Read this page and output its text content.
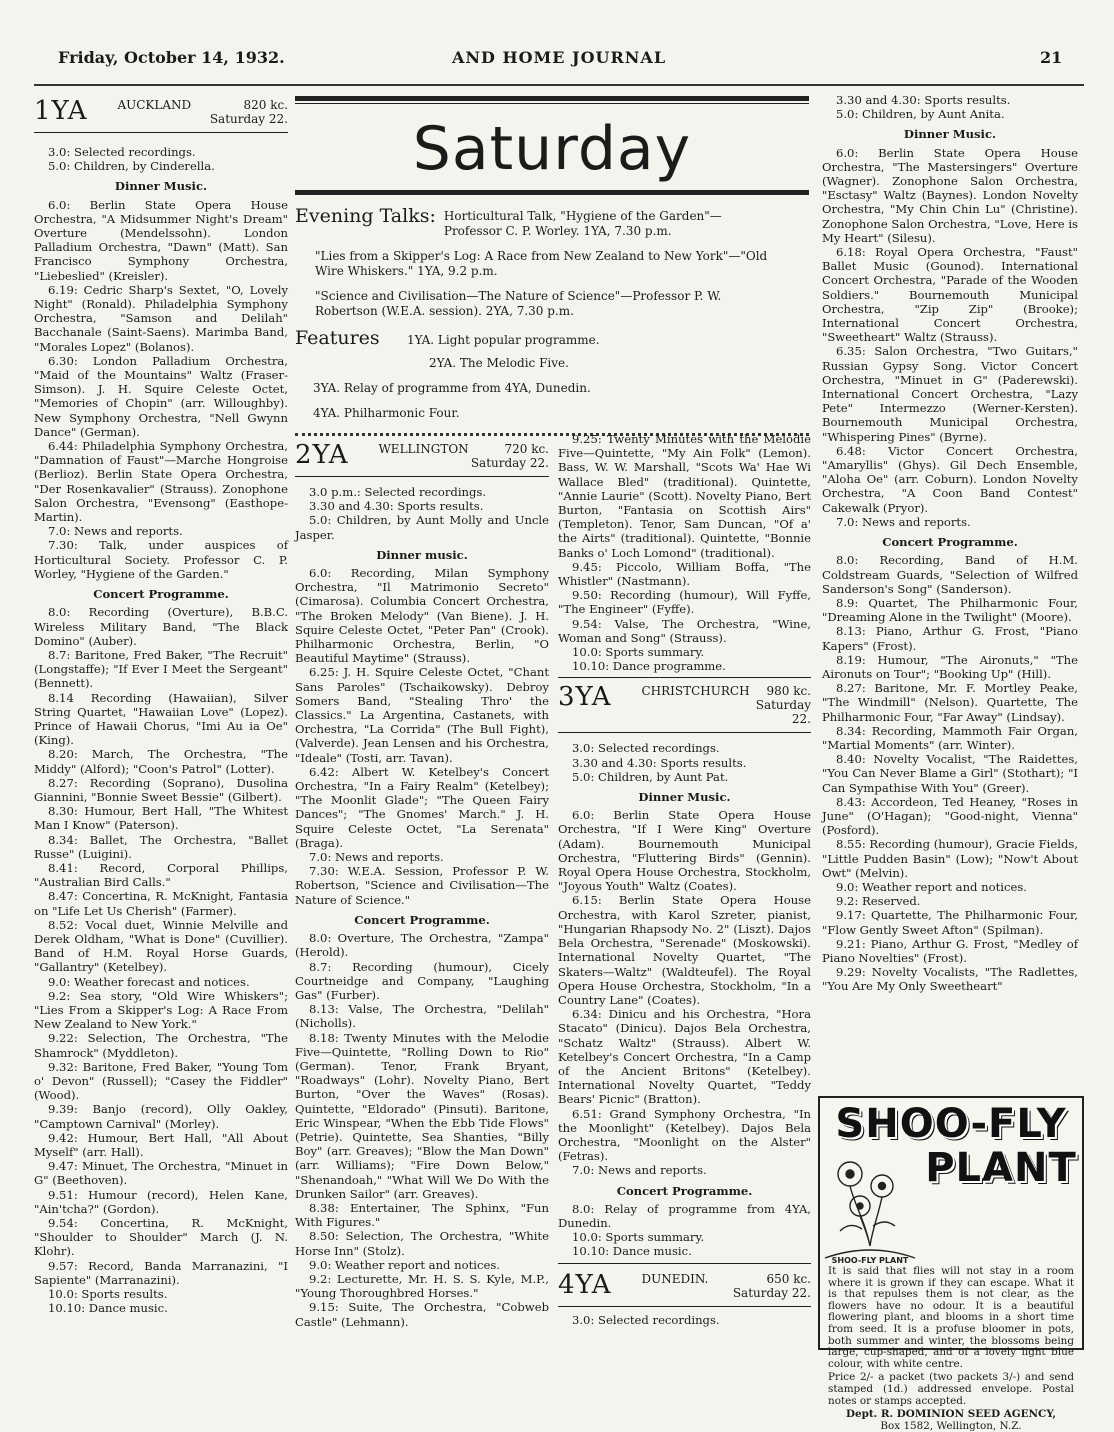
Friday, October 14, 1932.	AND HOME JOURNAL	21
1YA	AUCKLAND	820 kc.
Saturday 22.

3.0: Selected recordings.

5.0: Children, by Cinderella.

Dinner Music.

6.0: Berlin State Opera House Orchestra, "A Midsummer Night's Dream" Overture (Mendelssohn). London Palladium Orchestra, "Dawn" (Matt). San Francisco Symphony Orchestra, "Liebeslied" (Kreisler).

6.19: Cedric Sharp's Sextet, "O, Lovely Night" (Ronald). Philadelphia Symphony Orchestra, "Samson and Delilah" Bacchanale (Saint-Saens). Marimba Band, "Morales Lopez" (Bolanos).

6.30: London Palladium Orchestra, "Maid of the Mountains" Waltz (Fraser-Simson). J. H. Squire Celeste Octet, "Memories of Chopin" (arr. Willoughby). New Symphony Orchestra, "Nell Gwynn Dance" (German).

6.44: Philadelphia Symphony Orchestra, "Damnation of Faust"—Marche Hongroise (Berlioz). Berlin State Opera Orchestra, "Der Rosenkavalier" (Strauss). Zonophone Salon Orchestra, "Evensong" (Easthope-Martin).

7.0: News and reports.

7.30: Talk, under auspices of Horticultural Society. Professor C. P. Worley, "Hygiene of the Garden."

Concert Programme.

8.0: Recording (Overture), B.B.C. Wireless Military Band, "The Black Domino" (Auber).

8.7: Baritone, Fred Baker, "The Recruit" (Longstaffe); "If Ever I Meet the Sergeant" (Bennett).

8.14 Recording (Hawaiian), Silver String Quartet, "Hawaiian Love" (Lopez). Prince of Hawaii Chorus, "Imi Au ia Oe" (King).

8.20: March, The Orchestra, "The Middy" (Alford); "Coon's Patrol" (Lotter).

8.27: Recording (Soprano), Dusolina Giannini, "Bonnie Sweet Bessie" (Gilbert).

8.30: Humour, Bert Hall, "The Whitest Man I Know" (Paterson).

8.34: Ballet, The Orchestra, "Ballet Russe" (Luigini).

8.41: Record, Corporal Phillips, "Australian Bird Calls."

8.47: Concertina, R. McKnight, Fantasia on "Life Let Us Cherish" (Farmer).

8.52: Vocal duet, Winnie Melville and Derek Oldham, "What is Done" (Cuvillier). Band of H.M. Royal Horse Guards, "Gallantry" (Ketelbey).

9.0: Weather forecast and notices.

9.2: Sea story, "Old Wire Whiskers"; "Lies From a Skipper's Log: A Race From New Zealand to New York."

9.22: Selection, The Orchestra, "The Shamrock" (Myddleton).

9.32: Baritone, Fred Baker, "Young Tom o' Devon" (Russell); "Casey the Fiddler" (Wood).

9.39: Banjo (record), Olly Oakley, "Camptown Carnival" (Morley).

9.42: Humour, Bert Hall, "All About Myself" (arr. Hall).

9.47: Minuet, The Orchestra, "Minuet in G" (Beethoven).

9.51: Humour (record), Helen Kane, "Ain'tcha?" (Gordon).

9.54: Concertina, R. McKnight, "Shoulder to Shoulder" March (J. N. Klohr).

9.57: Record, Banda Marranazini, "I Sapiente" (Marranazini).

10.0: Sports results.

10.10: Dance music.

Saturday
Evening Talks: Horticultural Talk, "Hygiene of the Garden"—Professor C. P. Worley. 1YA, 7.30 p.m.
"Lies from a Skipper's Log: A Race from New Zealand to New York"—"Old Wire Whiskers." 1YA, 9.2 p.m.
"Science and Civilisation—The Nature of Science"—Professor P. W. Robertson (W.E.A. session). 2YA, 7.30 p.m.
Features	1YA. Light popular programme.
2YA. The Melodic Five.
3YA. Relay of programme from 4YA, Dunedin.
4YA. Philharmonic Four.
2YA	WELLINGTON	720 kc.
Saturday 22.

3.0 p.m.: Selected recordings.

3.30 and 4.30: Sports results.

5.0: Children, by Aunt Molly and Uncle Jasper.

Dinner music.

6.0: Recording, Milan Symphony Orchestra, "Il Matrimonio Secreto" (Cimarosa). Columbia Concert Orchestra, "The Broken Melody" (Van Biene). J. H. Squire Celeste Octet, "Peter Pan" (Crook). Philharmonic Orchestra, Berlin, "O Beautiful Maytime" (Strauss).

6.25: J. H. Squire Celeste Octet, "Chant Sans Paroles" (Tschaikowsky). Debroy Somers Band, "Stealing Thro' the Classics." La Argentina, Castanets, with Orchestra, "La Corrida" (The Bull Fight), (Valverde). Jean Lensen and his Orchestra, "Ideale" (Tosti, arr. Tavan).

6.42: Albert W. Ketelbey's Concert Orchestra, "In a Fairy Realm" (Ketelbey); "The Moonlit Glade"; "The Queen Fairy Dances"; "The Gnomes' March." J. H. Squire Celeste Octet, "La Serenata" (Braga).

7.0: News and reports.

7.30: W.E.A. Session, Professor P. W. Robertson, "Science and Civilisation—The Nature of Science."

Concert Programme.

8.0: Overture, The Orchestra, "Zampa" (Herold).

8.7: Recording (humour), Cicely Courtneidge and Company, "Laughing Gas" (Furber).

8.13: Valse, The Orchestra, "Delilah" (Nicholls).

8.18: Twenty Minutes with the Melodie Five—Quintette, "Rolling Down to Rio" (German). Tenor, Frank Bryant, "Roadways" (Lohr). Novelty Piano, Bert Burton, "Over the Waves" (Rosas). Quintette, "Eldorado" (Pinsuti). Baritone, Eric Winspear, "When the Ebb Tide Flows" (Petrie). Quintette, Sea Shanties, "Billy Boy" (arr. Greaves); "Blow the Man Down" (arr. Williams); "Fire Down Below," "Shenandoah," "What Will We Do With the Drunken Sailor" (arr. Greaves).

8.38: Entertainer, The Sphinx, "Fun With Figures."

8.50: Selection, The Orchestra, "White Horse Inn" (Stolz).

9.0: Weather report and notices.

9.2: Lecturette, Mr. H. S. S. Kyle, M.P., "Young Thoroughbred Horses."

9.15: Suite, The Orchestra, "Cobweb Castle" (Lehmann).

9.25: Twenty Minutes with the Melodie Five—Quintette, "My Ain Folk" (Lemon). Bass, W. W. Marshall, "Scots Wa' Hae Wi Wallace Bled" (traditional). Quintette, "Annie Laurie" (Scott). Novelty Piano, Bert Burton, "Fantasia on Scottish Airs" (Templeton). Tenor, Sam Duncan, "Of a' the Airts" (traditional). Quintette, "Bonnie Banks o' Loch Lomond" (traditional).

9.45: Piccolo, William Boffa, "The Whistler" (Nastmann).

9.50: Recording (humour), Will Fyffe, "The Engineer" (Fyffe).

9.54: Valse, The Orchestra, "Wine, Woman and Song" (Strauss).

10.0: Sports summary.

10.10: Dance programme.

3YA	CHRISTCHURCH	980 kc.
Saturday 22.

3.0: Selected recordings.

3.30 and 4.30: Sports results.

5.0: Children, by Aunt Pat.

Dinner Music.

6.0: Berlin State Opera House Orchestra, "If I Were King" Overture (Adam). Bournemouth Municipal Orchestra, "Fluttering Birds" (Gennin). Royal Opera House Orchestra, Stockholm, "Joyous Youth" Waltz (Coates).

6.15: Berlin State Opera House Orchestra, with Karol Szreter, pianist, "Hungarian Rhapsody No. 2" (Liszt). Dajos Bela Orchestra, "Serenade" (Moskowski). International Novelty Quartet, "The Skaters—Waltz" (Waldteufel). The Royal Opera House Orchestra, Stockholm, "In a Country Lane" (Coates).

6.34: Dinicu and his Orchestra, "Hora Stacato" (Dinicu). Dajos Bela Orchestra, "Schatz Waltz" (Strauss). Albert W. Ketelbey's Concert Orchestra, "In a Camp of the Ancient Britons" (Ketelbey). International Novelty Quartet, "Teddy Bears' Picnic" (Bratton).

6.51: Grand Symphony Orchestra, "In the Moonlight" (Ketelbey). Dajos Bela Orchestra, "Moonlight on the Alster" (Fetras).

7.0: News and reports.

Concert Programme.

8.0: Relay of programme from 4YA, Dunedin.

10.0: Sports summary.

10.10: Dance music.

4YA	DUNEDIN.	650 kc.
Saturday 22.

3.0: Selected recordings.

3.30 and 4.30: Sports results.

5.0: Children, by Aunt Anita.

Dinner Music.

6.0: Berlin State Opera House Orchestra, "The Mastersingers" Overture (Wagner). Zonophone Salon Orchestra, "Esctasy" Waltz (Baynes). London Novelty Orchestra, "My Chin Chin Lu" (Christine). Zonophone Salon Orchestra, "Love, Here is My Heart" (Silesu).

6.18: Royal Opera Orchestra, "Faust" Ballet Music (Gounod). International Concert Orchestra, "Parade of the Wooden Soldiers." Bournemouth Municipal Orchestra, "Zip Zip" (Brooke); International Concert Orchestra, "Sweetheart" Waltz (Strauss).

6.35: Salon Orchestra, "Two Guitars," Russian Gypsy Song. Victor Concert Orchestra, "Minuet in G" (Paderewski). International Concert Orchestra, "Lazy Pete" Intermezzo (Werner-Kersten). Bournemouth Municipal Orchestra, "Whispering Pines" (Byrne).

6.48: Victor Concert Orchestra, "Amaryllis" (Ghys). Gil Dech Ensemble, "Aloha Oe" (arr. Coburn). London Novelty Orchestra, "A Coon Band Contest" Cakewalk (Pryor).

7.0: News and reports.

Concert Programme.

8.0: Recording, Band of H.M. Coldstream Guards, "Selection of Wilfred Sanderson's Song" (Sanderson).

8.9: Quartet, The Philharmonic Four, "Dreaming Alone in the Twilight" (Moore).

8.13: Piano, Arthur G. Frost, "Piano Kapers" (Frost).

8.19: Humour, "The Aironuts," "The Aironuts on Tour"; "Booking Up" (Hill).

8.27: Baritone, Mr. F. Mortley Peake, "The Windmill" (Nelson). Quartette, The Philharmonic Four, "Far Away" (Lindsay).

8.34: Recording, Mammoth Fair Organ, "Martial Moments" (arr. Winter).

8.40: Novelty Vocalist, "The Raidettes, "You Can Never Blame a Girl" (Stothart); "I Can Sympathise With You" (Greer).

8.43: Accordeon, Ted Heaney, "Roses in June" (O'Hagan); "Good-night, Vienna" (Posford).

8.55: Recording (humour), Gracie Fields, "Little Pudden Basin" (Low); "Now't About Owt" (Melvin).

9.0: Weather report and notices.

9.2: Reserved.

9.17: Quartette, The Philharmonic Four, "Flow Gently Sweet Afton" (Spilman).

9.21: Piano, Arthur G. Frost, "Medley of Piano Novelties" (Frost).

9.29: Novelty Vocalists, "The Radlettes, "You Are My Only Sweetheart"

SHOO-FLY
SHOO-FLY PLANT
PLANT

It is said that flies will not stay in a room where it is grown if they can escape. What it is that repulses them is not clear, as the flowers have no odour. It is a beautiful flowering plant, and blooms in a short time from seed. It is a profuse bloomer in pots, both summer and winter, the blossoms being large, cup-shaped, and of a lovely light blue colour, with white centre.

Price 2/- a packet (two packets 3/-) and send stamped (1d.) addressed envelope. Postal notes or stamps accepted.

Dept. R. DOMINION SEED AGENCY,

Box 1582, Wellington, N.Z.
